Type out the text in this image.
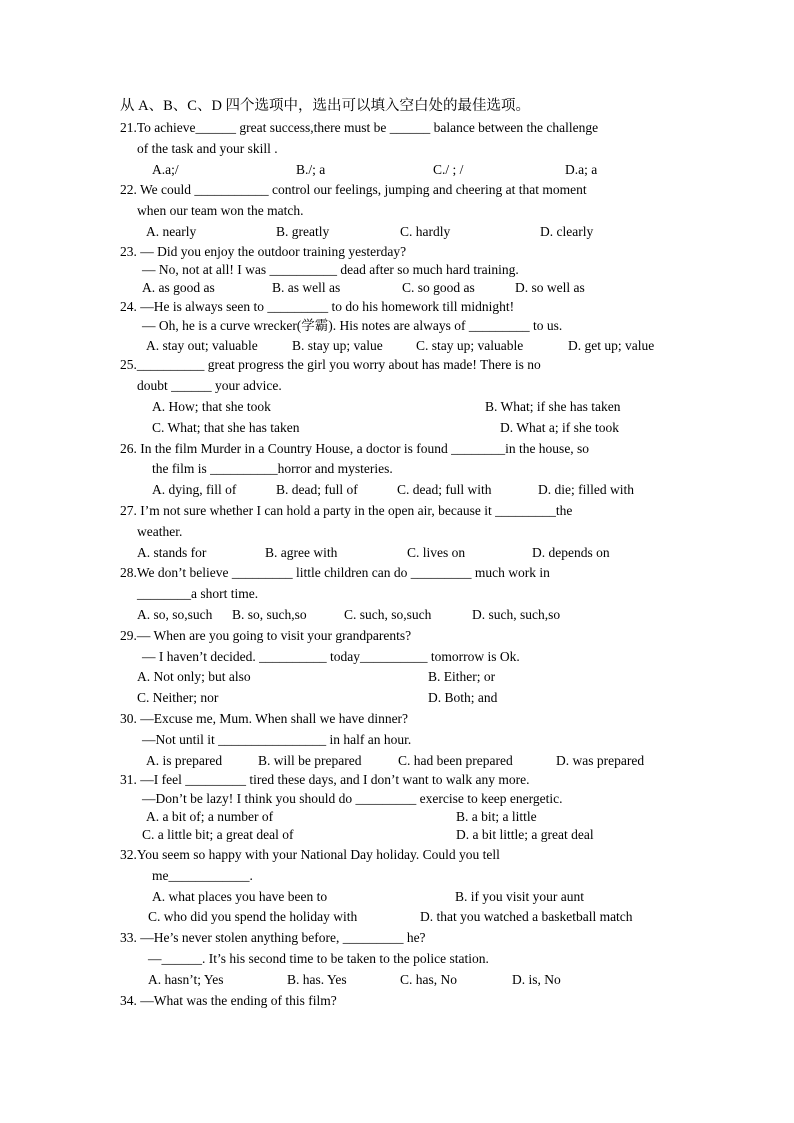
从 A、B、C、D 四个选项中，选出可以填入空白处的最佳选项。
21.To achieve______ great success,there must be ______ balance between the challenge
of the task and your skill .
A.a;/	B./; a	C./ ; /	D.a; a
22. We could ___________ control our feelings, jumping and cheering at that moment
when our team won the match.
A. nearly	B. greatly	C. hardly	D. clearly
23. — Did you enjoy the outdoor training yesterday?
— No, not at all! I was __________ dead after so much hard training.
A. as good as	B. as well as	C. so good as	D. so well as
24. —He is always seen to _________ to do his homework till midnight!
— Oh, he is a curve wrecker(学霸). His notes are always of _________ to us.
A. stay out; valuable	B. stay up; value C. stay up; valuable	D. get up; value
25.__________ great progress the girl you worry about has made! There is no
doubt ______ your advice.
A. How; that she took	B. What; if she has taken
C. What; that she has taken	D. What a; if she took
26. In the film Murder in a Country House, a doctor is found ________in the house, so
the film is __________horror and mysteries.
A. dying, fill of	B. dead; full of	C. dead; full with	D. die; filled with
27. I’m not sure whether I can hold a party in the open air, because it _________the
weather.
A. stands for	B. agree with	C. lives on	D. depends on
28.We don’t believe _________ little children can do _________ much work in
________a short time.
A. so, so,such B. so, such,so	C. such, so,such	D. such, such,so
29.— When are you going to visit your grandparents?
— I haven’t decided. __________ today__________ tomorrow is Ok.
A. Not only; but also	B. Either; or
C. Neither; nor	D. Both; and
30. —Excuse me, Mum. When shall we have dinner?
—Not until it ________________ in half an hour.
A. is prepared	B. will be prepared	C. had been prepared	D. was prepared
31. —I feel _________ tired these days, and I don’t want to walk any more.
—Don’t be lazy! I think you should do _________ exercise to keep energetic.
A. a bit of; a number of	B. a bit; a little
C. a little bit; a great deal of	D. a bit little; a great deal
32.You seem so happy with your National Day holiday. Could you tell
me____________.
A. what places you have been to	B. if you visit your aunt
C. who did you spend the holiday with	D. that you watched a basketball match
33. —He’s never stolen anything before, _________ he?
—______. It’s his second time to be taken to the police station.
A. hasn’t; Yes	B. has. Yes	C. has, No	D. is, No
34. —What was the ending of this film?
